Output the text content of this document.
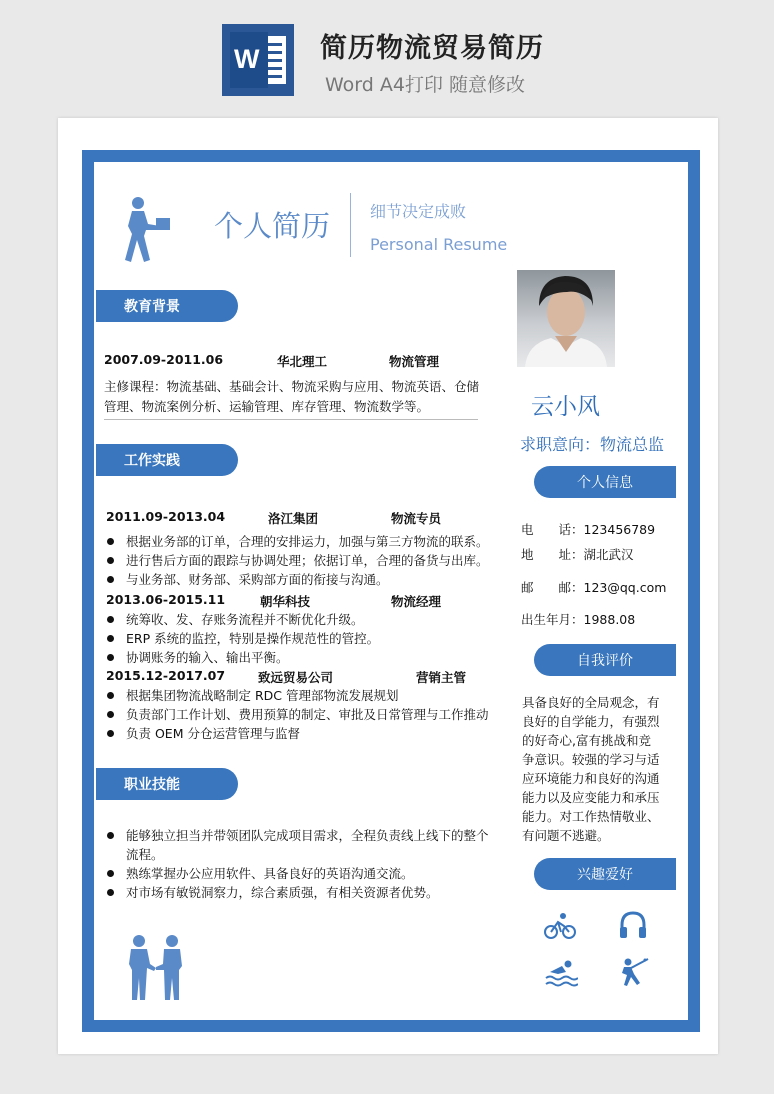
W 简历物流贸易简历
Word A4打印 随意修改
个人简历 细节决定成败
Personal Resume
教育背景
2007.09-2011.06	华北理工	物流管理
主修课程：物流基础、基础会计、物流采购与应用、物流英语、仓储
管理、物流案例分析、运输管理、库存管理、物流数学等。
工作实践
2011.09-2013.04	洛江集团	物流专员
根据业务部的订单，合理的安排运力，加强与第三方物流的联系。
进行售后方面的跟踪与协调处理；依据订单，合理的备货与出库。
与业务部、财务部、采购部方面的衔接与沟通。
2013.06-2015.11	朝华科技	物流经理
统筹收、发、存账务流程并不断优化升级。
ERP 系统的监控，特别是操作规范性的管控。
协调账务的输入、输出平衡。
2015.12-2017.07	致远贸易公司	营销主管
根据集团物流战略制定 RDC 管理部物流发展规划
负责部门工作计划、费用预算的制定、审批及日常管理与工作推动
负责 OEM 分仓运营管理与监督
职业技能
能够独立担当并带领团队完成项目需求，全程负责线上线下的整个
流程。
熟练掌握办公应用软件、具备良好的英语沟通交流。
对市场有敏锐洞察力，综合素质强，有相关资源者优势。
云小风
求职意向：物流总监
个人信息
电　　话：123456789
地　　址：湖北武汉
邮　　邮：123@qq.com
出生年月：1988.08
自我评价
具备良好的全局观念，有
良好的自学能力，有强烈
的好奇心,富有挑战和竞
争意识。较强的学习与适
应环境能力和良好的沟通
能力以及应变能力和承压
能力。对工作热情敬业、
有问题不逃避。
兴趣爱好
